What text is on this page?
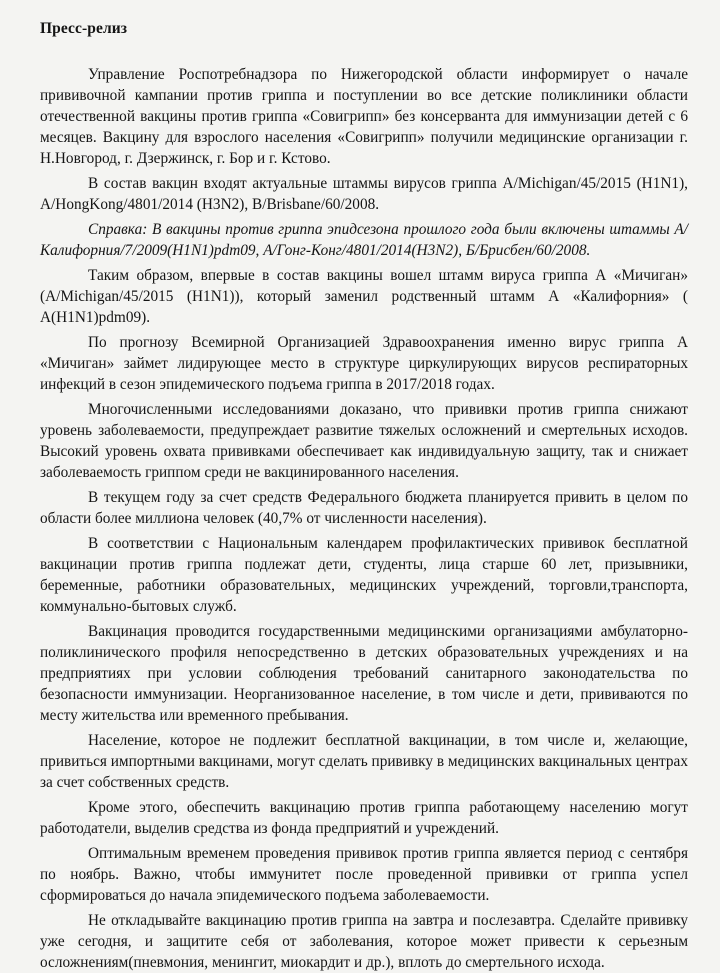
Пресс-релиз

Управление Роспотребнадзора по Нижегородской области информирует о начале прививочной кампании против гриппа и поступлении во все детские поликлиники области отечественной вакцины против гриппа «Совигрипп» без консерванта для иммунизации детей с 6 месяцев. Вакцину для взрослого населения «Совигрипп» получили медицинские организации г. Н.Новгород, г. Дзержинск, г. Бор и г. Кстово.

В состав вакцин входят актуальные штаммы вирусов гриппа A/Michigan/45/2015 (H1N1), A/HongKong/4801/2014 (H3N2), B/Brisbane/60/2008.

Справка: В вакцины против гриппа эпидсезона прошлого года были включены штаммы А/Калифорния/7/2009(H1N1)pdm09, А/Гонг-Конг/4801/2014(H3N2), Б/Брисбен/60/2008.

Таким образом, впервые в состав вакцины вошел штамм вируса гриппа А «Мичиган» (A/Michigan/45/2015 (H1N1)), который заменил родственный штамм А «Калифорния» ( А(H1N1)pdm09).

По прогнозу Всемирной Организацией Здравоохранения именно вирус гриппа А «Мичиган» займет лидирующее место в структуре циркулирующих вирусов респираторных инфекций в сезон эпидемического подъема гриппа в 2017/2018 годах.

Многочисленными исследованиями доказано, что прививки против гриппа снижают уровень заболеваемости, предупреждает развитие тяжелых осложнений и смертельных исходов. Высокий уровень охвата прививками обеспечивает как индивидуальную защиту, так и снижает заболеваемость гриппом среди не вакцинированного населения.

В текущем году за счет средств Федерального бюджета планируется привить в целом по области более миллиона человек (40,7% от численности населения).

В соответствии с Национальным календарем профилактических прививок бесплатной вакцинации против гриппа подлежат дети, студенты, лица старше 60 лет, призывники, беременные, работники образовательных, медицинских учреждений, торговли,транспорта, коммунально-бытовых служб.

Вакцинация проводится государственными медицинскими организациями амбулаторно-поликлинического профиля непосредственно в детских образовательных учреждениях и на предприятиях при условии соблюдения требований санитарного законодательства по безопасности иммунизации. Неорганизованное население, в том числе и дети, прививаются по месту жительства или временного пребывания.

Население, которое не подлежит бесплатной вакцинации, в том числе и, желающие, привиться импортными вакцинами, могут сделать прививку в медицинских вакцинальных центрах за счет собственных средств.

Кроме этого, обеспечить вакцинацию против гриппа работающему населению могут работодатели, выделив средства из фонда предприятий и учреждений.

Оптимальным временем проведения прививок против гриппа является период с сентября по ноябрь. Важно, чтобы иммунитет после проведенной прививки от гриппа успел сформироваться до начала эпидемического подъема заболеваемости.

Не откладывайте вакцинацию против гриппа на завтра и послезавтра. Сделайте прививку уже сегодня, и защитите себя от заболевания, которое может привести к серьезным осложнениям(пневмония, менингит, миокардит и др.), вплоть до смертельного исхода.
